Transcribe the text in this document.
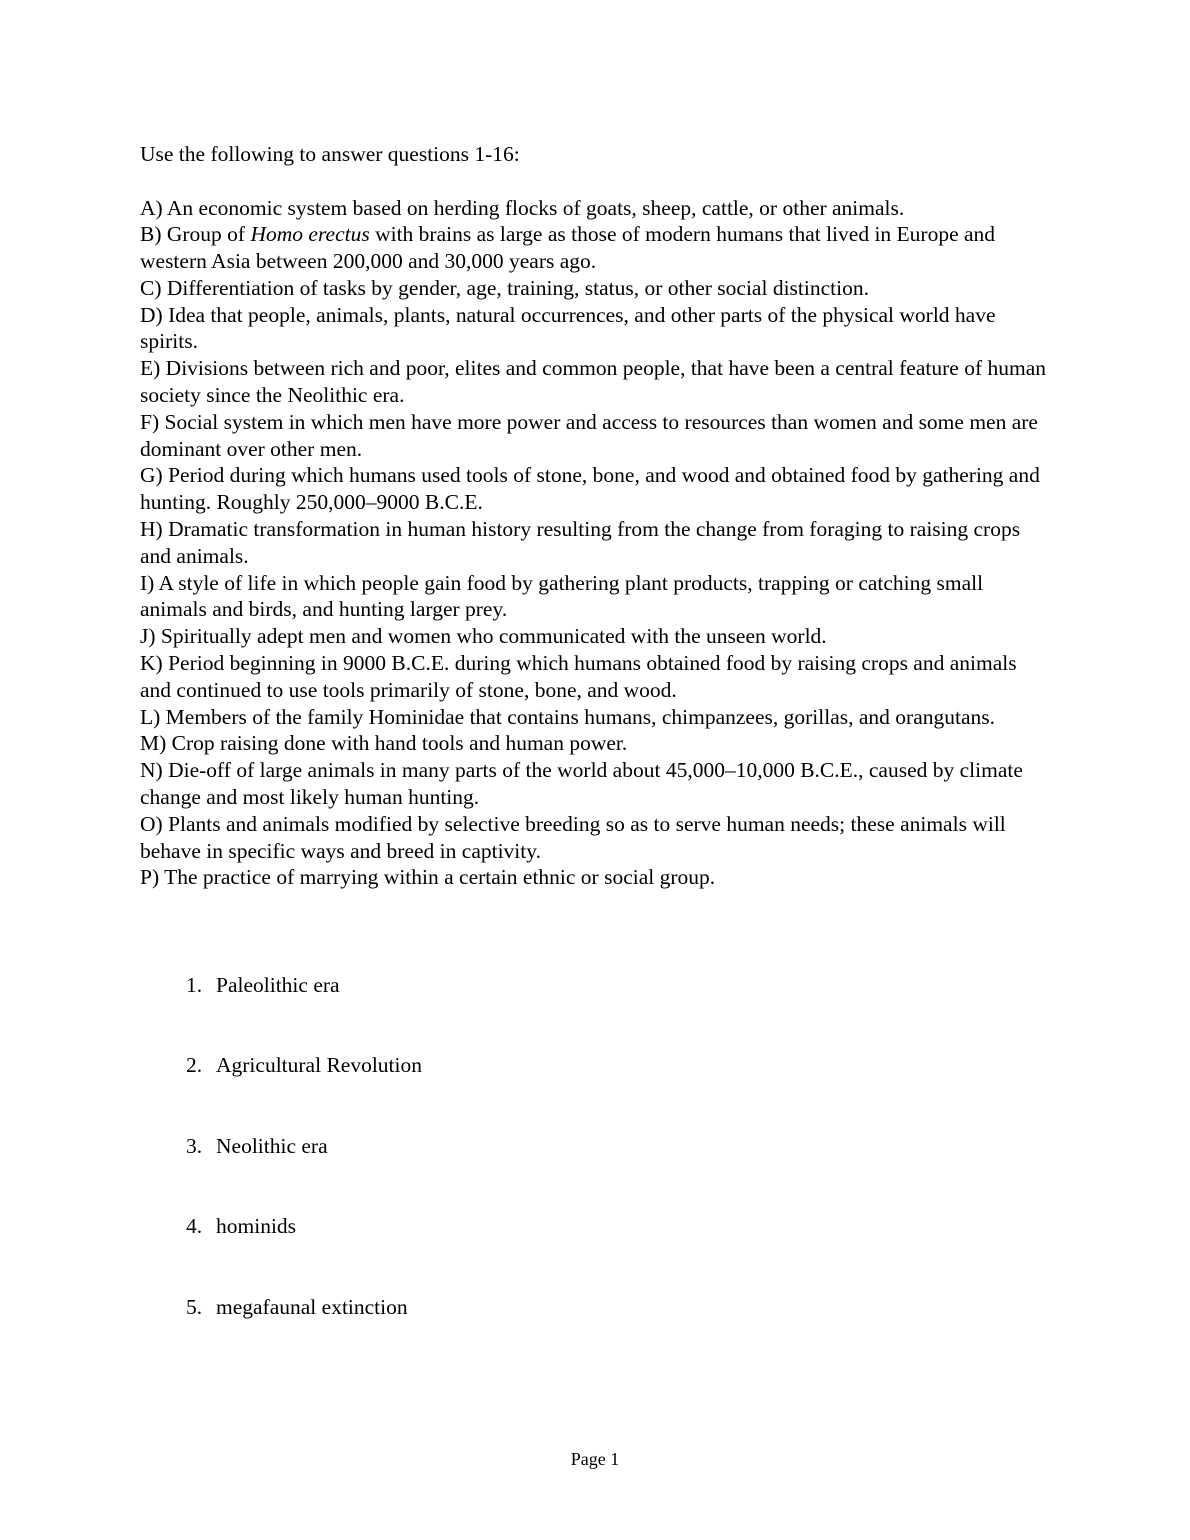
Use the following to answer questions 1-16:

A) An economic system based on herding flocks of goats, sheep, cattle, or other animals.

B) Group of Homo erectus with brains as large as those of modern humans that lived in Europe and western Asia between 200,000 and 30,000 years ago.

C) Differentiation of tasks by gender, age, training, status, or other social distinction.

D) Idea that people, animals, plants, natural occurrences, and other parts of the physical world have spirits.

E) Divisions between rich and poor, elites and common people, that have been a central feature of human society since the Neolithic era.

F) Social system in which men have more power and access to resources than women and some men are dominant over other men.

G) Period during which humans used tools of stone, bone, and wood and obtained food by gathering and hunting. Roughly 250,000–9000 B.C.E.

H) Dramatic transformation in human history resulting from the change from foraging to raising crops and animals.

I) A style of life in which people gain food by gathering plant products, trapping or catching small animals and birds, and hunting larger prey.

J) Spiritually adept men and women who communicated with the unseen world.

K) Period beginning in 9000 B.C.E. during which humans obtained food by raising crops and animals and continued to use tools primarily of stone, bone, and wood.

L) Members of the family Hominidae that contains humans, chimpanzees, gorillas, and orangutans.

M) Crop raising done with hand tools and human power.

N) Die-off of large animals in many parts of the world about 45,000–10,000 B.C.E., caused by climate change and most likely human hunting.

O) Plants and animals modified by selective breeding so as to serve human needs; these animals will behave in specific ways and breed in captivity.

P) The practice of marrying within a certain ethnic or social group.

1. Paleolithic era
2. Agricultural Revolution
3. Neolithic era
4. hominids
5. megafaunal extinction
Page 1
